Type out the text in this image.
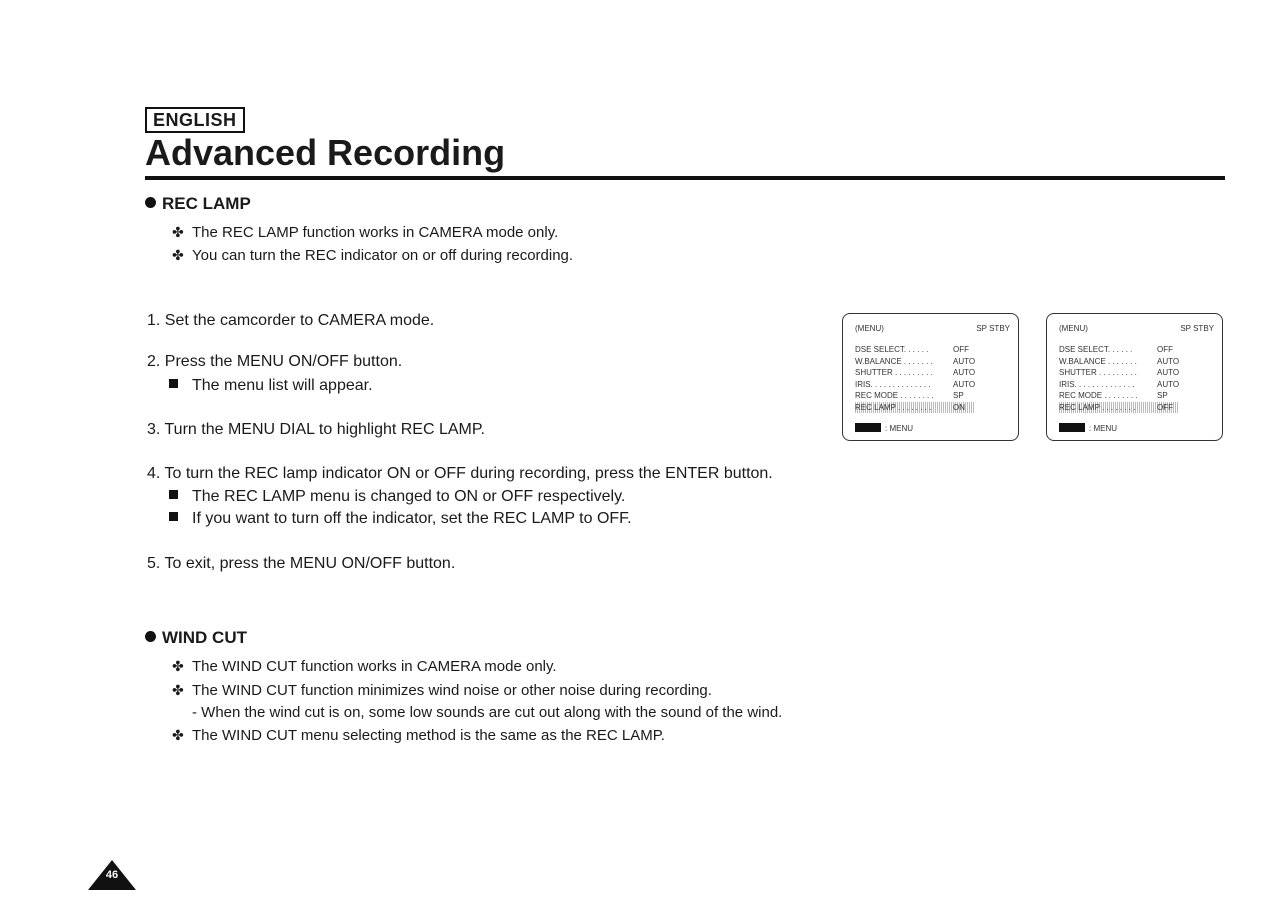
ENGLISH
Advanced Recording
REC LAMP
✤ The REC LAMP function works in CAMERA mode only.
✤ You can turn the REC indicator on or off during recording.
1. Set the camcorder to CAMERA mode.
2. Press the MENU ON/OFF button.
The menu list will appear.
3. Turn the MENU DIAL to highlight REC LAMP.
4. To turn the REC lamp indicator ON or OFF during recording, press the ENTER button.
The REC LAMP menu is changed to ON or OFF respectively.
If you want to turn off the indicator, set the REC LAMP to OFF.
5. To exit, press the MENU ON/OFF button.
(MENU)	SP STBY
DSE SELECT. . . . . .	OFF
W.BALANCE . . . . . . .	AUTO
SHUTTER . . . . . . . . .	AUTO
IRIS. . . . . . . . . . . . . .	AUTO
REC MODE . . . . . . . . SP
REC LAMP . . . . . . . .	ON
: MENU
(MENU)	SP STBY
DSE SELECT. . . . . .	OFF
W.BALANCE . . . . . . .	AUTO
SHUTTER . . . . . . . . .	AUTO
IRIS. . . . . . . . . . . . . .	AUTO
REC MODE . . . . . . . . SP
REC LAMP . . . . . . . .	OFF
: MENU
WIND CUT
✤ The WIND CUT function works in CAMERA mode only.
✤ The WIND CUT function minimizes wind noise or other noise during recording.
- When the wind cut is on, some low sounds are cut out along with the sound of the wind.
✤ The WIND CUT menu selecting method is the same as the REC LAMP.
46
